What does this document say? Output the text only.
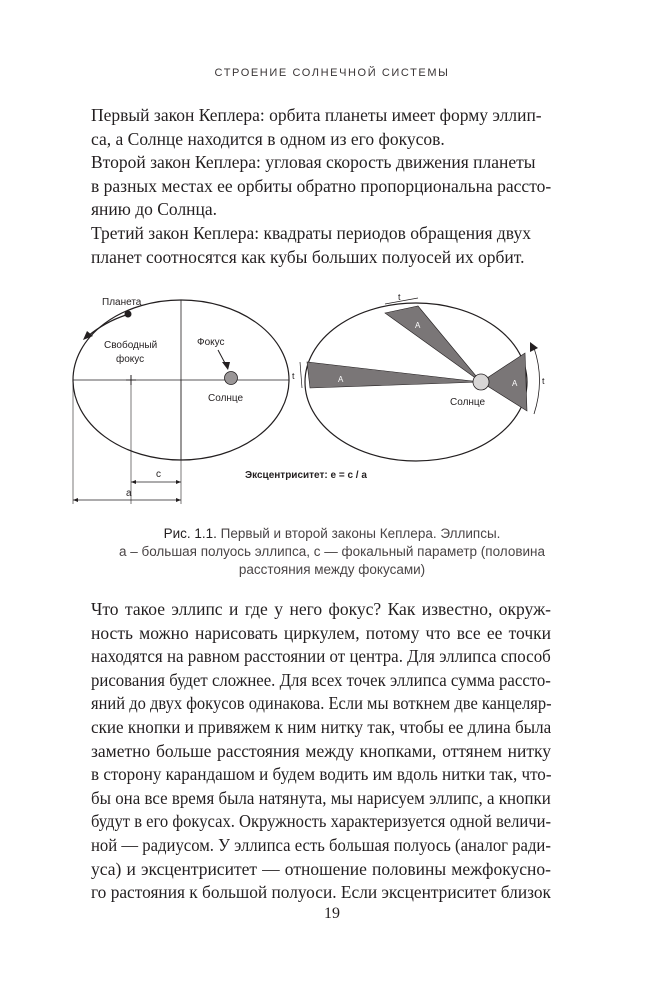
СТРОЕНИЕ СОЛНЕЧНОЙ СИСТЕМЫ
Первый закон Кеплера: орбита планеты имеет форму эллип-
са, а Солнце находится в одном из его фокусов.
Второй закон Кеплера: угловая скорость движения планеты
в разных местах ее орбиты обратно пропорциональна рассто-
янию до Солнца.
Третий закон Кеплера: квадраты периодов обращения двух
планет соотносятся как кубы больших полуосей их орбит.
Планета
Свободный
фокус
Фокус
Солнце
c
a
Эксцентриситет: e = c / a
A
A	A
t
t	t
Солнце
Рис. 1.1. Первый и второй законы Кеплера. Эллипсы.
a – большая полуось эллипса, c — фокальный параметр (половина
расстояния между фокусами)
Что такое эллипс и где у него фокус? Как известно, окруж-
ность можно нарисовать циркулем, потому что все ее точки
находятся на равном расстоянии от центра. Для эллипса способ
рисования будет сложнее. Для всех точек эллипса сумма рассто-
яний до двух фокусов одинакова. Если мы воткнем две канцеляр-
ские кнопки и привяжем к ним нитку так, чтобы ее длина была
заметно больше расстояния между кнопками, оттянем нитку
в сторону карандашом и будем водить им вдоль нитки так, что-
бы она все время была натянута, мы нарисуем эллипс, а кнопки
будут в его фокусах. Окружность характеризуется одной величи-
ной — радиусом. У эллипса есть большая полуось (аналог ради-
уса) и эксцентриситет — отношение половины межфокусно-
го растояния к большой полуоси. Если эксцентриситет близок
19
